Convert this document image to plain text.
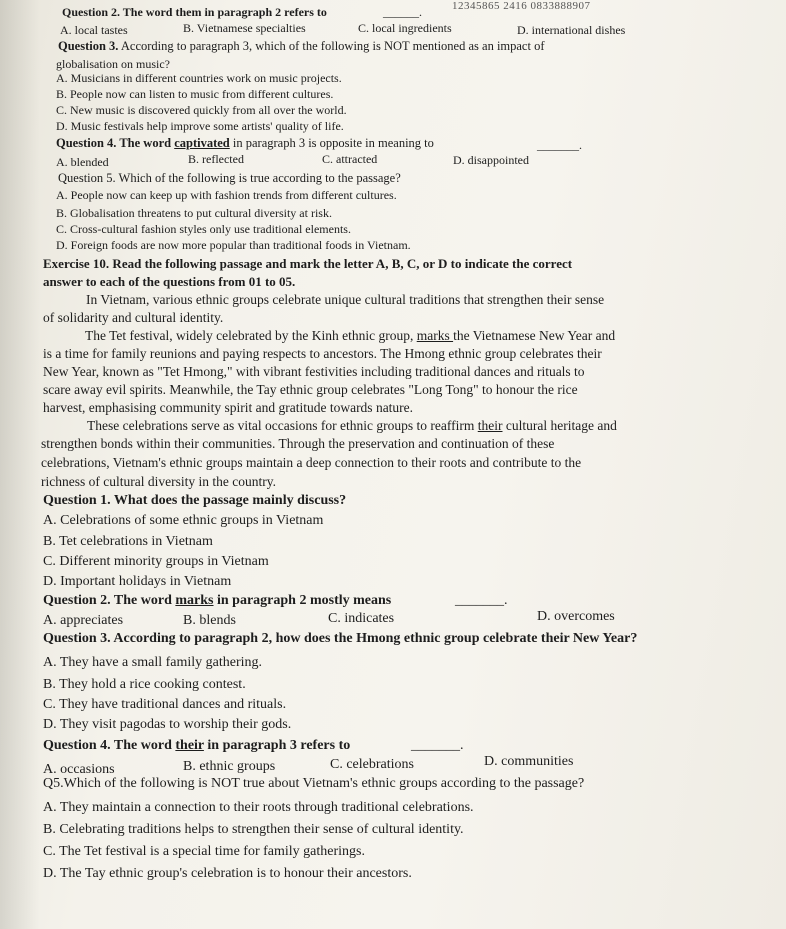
12345865 2416 0833888907
Question 2. The word them in paragraph 2 refers to	______.
A. local tastes	B. Vietnamese specialties	C. local ingredients	D. international dishes
Question 3. According to paragraph 3, which of the following is NOT mentioned as an impact of
globalisation on music?
A. Musicians in different countries work on music projects.
B. People now can listen to music from different cultures.
C. New music is discovered quickly from all over the world.
D. Music festivals help improve some artists' quality of life.
Question 4. The word captivated in paragraph 3 is opposite in meaning to	_______.
A. blended	B. reflected	C. attracted	D. disappointed
Question 5. Which of the following is true according to the passage?
A. People now can keep up with fashion trends from different cultures.
B. Globalisation threatens to put cultural diversity at risk.
C. Cross-cultural fashion styles only use traditional elements.
D. Foreign foods are now more popular than traditional foods in Vietnam.
Exercise 10. Read the following passage and mark the letter A, B, C, or D to indicate the correct
answer to each of the questions from 01 to 05.
In Vietnam, various ethnic groups celebrate unique cultural traditions that strengthen their sense
of solidarity and cultural identity.
The Tet festival, widely celebrated by the Kinh ethnic group, marks the Vietnamese New Year and
is a time for family reunions and paying respects to ancestors. The Hmong ethnic group celebrates their
New Year, known as "Tet Hmong," with vibrant festivities including traditional dances and rituals to
scare away evil spirits. Meanwhile, the Tay ethnic group celebrates "Long Tong" to honour the rice
harvest, emphasising community spirit and gratitude towards nature.
These celebrations serve as vital occasions for ethnic groups to reaffirm their cultural heritage and
strengthen bonds within their communities. Through the preservation and continuation of these
celebrations, Vietnam's ethnic groups maintain a deep connection to their roots and contribute to the
richness of cultural diversity in the country.
Question 1. What does the passage mainly discuss?
A. Celebrations of some ethnic groups in Vietnam
B. Tet celebrations in Vietnam
C. Different minority groups in Vietnam
D. Important holidays in Vietnam
Question 2. The word marks in paragraph 2 mostly means	_______.
A. appreciates	B. blends	C. indicates	D. overcomes
Question 3. According to paragraph 2, how does the Hmong ethnic group celebrate their New Year?
A. They have a small family gathering.
B. They hold a rice cooking contest.
C. They have traditional dances and rituals.
D. They visit pagodas to worship their gods.
Question 4. The word their in paragraph 3 refers to	_______.
A. occasions	B. ethnic groups	C. celebrations	D. communities
Q5.Which of the following is NOT true about Vietnam's ethnic groups according to the passage?
A. They maintain a connection to their roots through traditional celebrations.
B. Celebrating traditions helps to strengthen their sense of cultural identity.
C. The Tet festival is a special time for family gatherings.
D. The Tay ethnic group's celebration is to honour their ancestors.
